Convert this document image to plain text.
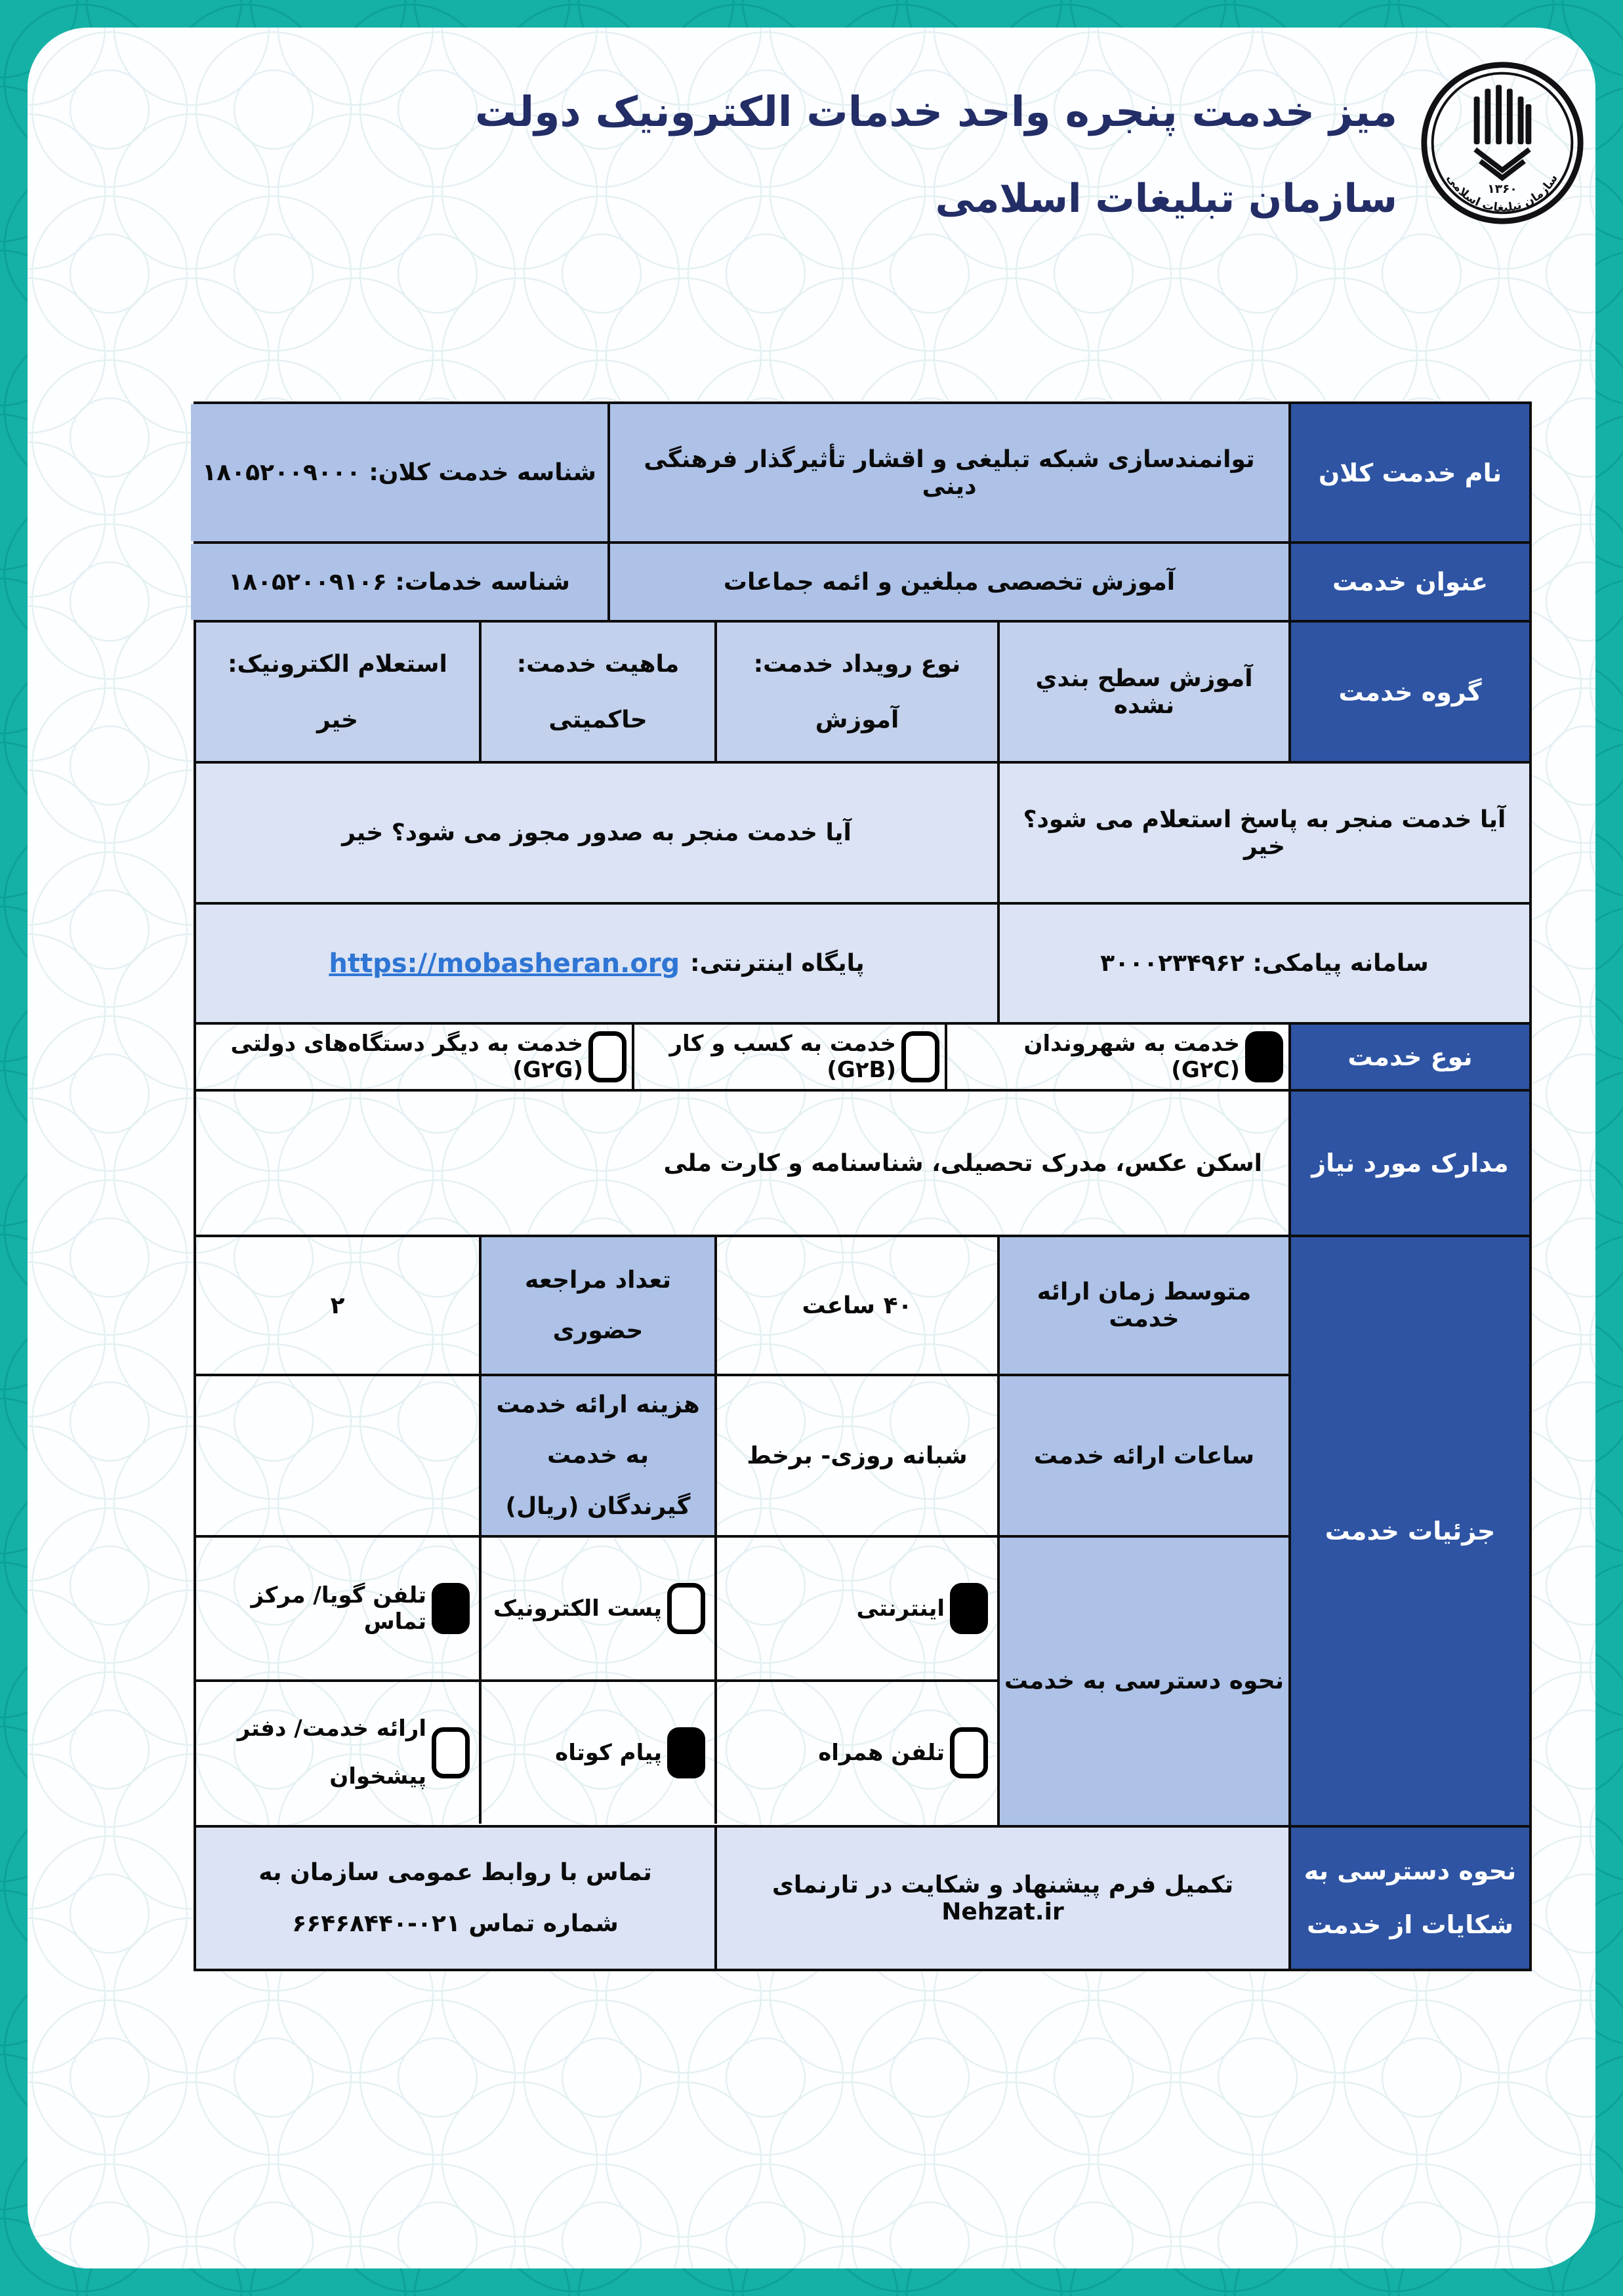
میز خدمت پنجره واحد خدمات الکترونیک دولت
سازمان تبلیغات اسلامی	۱۳۶۰
سازمان تبلیغات اسلامی
نام خدمت کلان
توانمندسازی شبکه تبلیغی و اقشار تأثیرگذار فرهنگی دینی
شناسه خدمت کلان: ۱۸۰۵۲۰۰۹۰۰۰
عنوان خدمت
آموزش تخصصی مبلغین و ائمه جماعات
شناسه خدمات: ۱۸۰۵۲۰۰۹۱۰۶
گروه خدمت
آموزش سطح بندي نشده
نوع رویداد خدمت:
آموزش
ماهیت خدمت:
حاکمیتی
استعلام الکترونیک:
خیر
آیا خدمت منجر به پاسخ استعلام می شود؟ خیر
آیا خدمت منجر به صدور مجوز می شود؟ خیر
سامانه پیامکی: ۳۰۰۰۲۳۴۹۶۲
پایگاه اینترنتی:
https://mobasheran.org
نوع خدمت
خدمت به شهروندان (G۲C)
خدمت به کسب و کار (G۲B)
خدمت به دیگر دستگاه‌های دولتی (G۲G)
مدارک مورد نیاز
اسکن عکس، مدرک تحصیلی، شناسنامه و کارت ملی
جزئیات خدمت
متوسط زمان ارائه خدمت
۴۰ ساعت
تعداد مراجعه حضوری
۲
ساعات ارائه خدمت
شبانه روزی- برخط
هزینه ارائه خدمت به خدمت گیرندگان (ریال)
نحوه دسترسی به خدمت
اینترنتی
پست الکترونیک
تلفن گویا/ مرکز تماس
تلفن همراه
پیام کوتاه
ارائه خدمت/ دفتر پیشخوان
نحوه دسترسی به شکایات از خدمت
تکمیل فرم پیشنهاد و شکایت در تارنمای Nehzat.ir
تماس با روابط عمومی سازمان به شماره تماس ۰۲۱-۶۶۴۶۸۴۴۰
